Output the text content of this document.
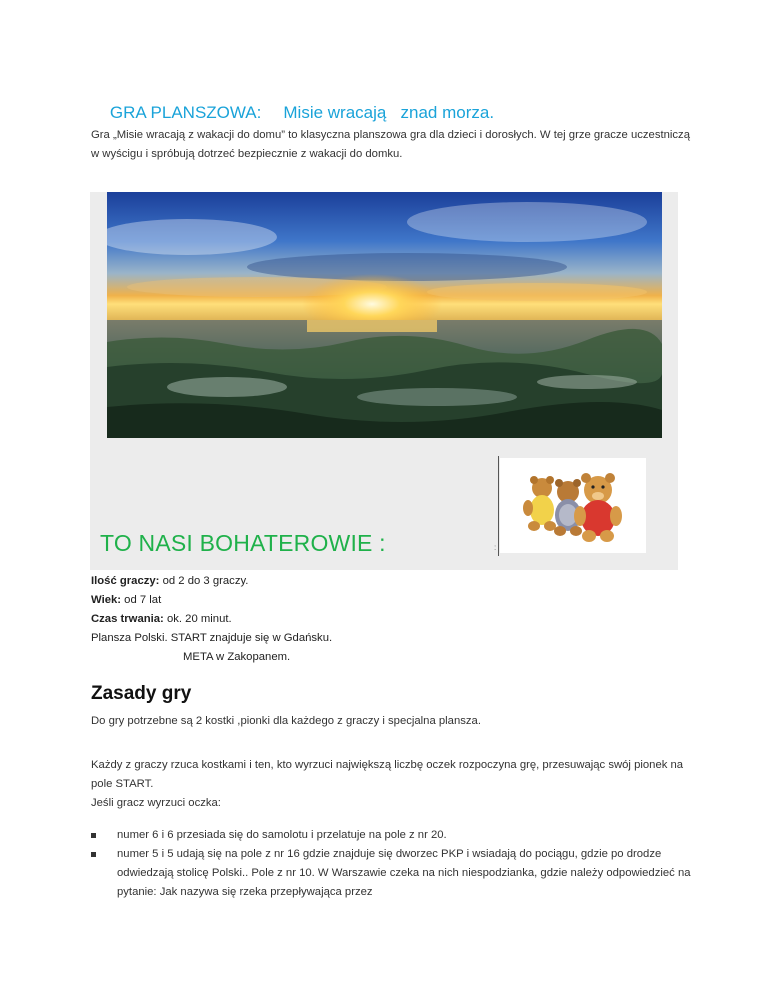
GRA PLANSZOWA: Misie wracają   znad morza.

Gra „Misie wracają z wakacji do domu” to klasyczna planszowa gra dla dzieci i dorosłych. W tej grze gracze uczestniczą w wyścigu i spróbują dotrzeć bezpiecznie z wakacji do domku.
TO NASI BOHATEROWIE :	:
Ilość graczy: od 2 do 3 graczy.
Wiek: od 7 lat
Czas trwania: ok. 20 minut.
Plansza Polski. START znajduje się w Gdańsku.
META w Zakopanem.
Zasady gry
Do gry potrzebne są 2 kostki ,pionki dla każdego z graczy i specjalna plansza.
Każdy z graczy rzuca kostkami i ten, kto wyrzuci największą liczbę oczek rozpoczyna grę, przesuwając swój pionek na pole START.
Jeśli gracz wyrzuci oczka:
numer 6 i 6 przesiada się do samolotu i przelatuje na pole z nr 20.
numer 5 i 5 udają się na pole z nr 16 gdzie znajduje się dworzec PKP i wsiadają do pociągu, gdzie po drodze odwiedzają stolicę Polski.. Pole z nr 10. W Warszawie czeka na nich niespodzianka, gdzie należy odpowiedzieć na pytanie: Jak nazywa się rzeka przepływająca przez
